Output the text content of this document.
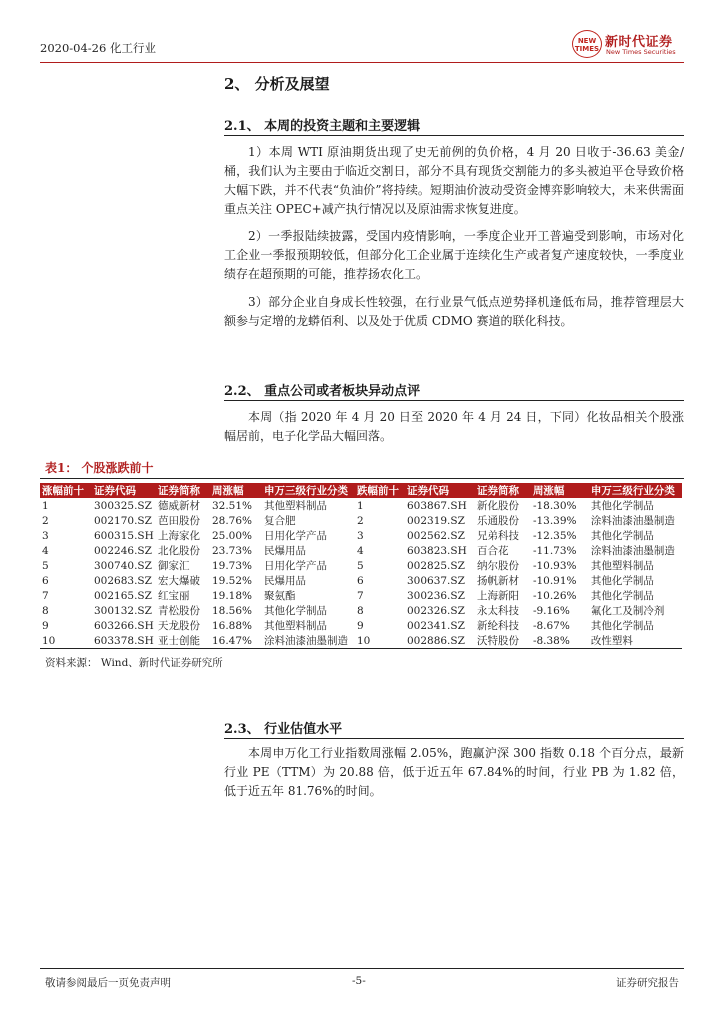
2020-04-26 化工行业	NEW TIMES 新时代证券
New Times Securities
2、 分析及展望
2.1、 本周的投资主题和主要逻辑
1）本周 WTI 原油期货出现了史无前例的负价格，4 月 20 日收于-36.63 美金/桶，我们认为主要由于临近交割日，部分不具有现货交割能力的多头被迫平仓导致价格大幅下跌，并不代表“负油价”将持续。短期油价波动受资金博弈影响较大，未来供需面重点关注 OPEC+减产执行情况以及原油需求恢复进度。
2）一季报陆续披露，受国内疫情影响，一季度企业开工普遍受到影响，市场对化工企业一季报预期较低，但部分化工企业属于连续化生产或者复产速度较快，一季度业绩存在超预期的可能，推荐扬农化工。
3）部分企业自身成长性较强，在行业景气低点逆势择机逢低布局，推荐管理层大额参与定增的龙蟒佰利、以及处于优质 CDMO 赛道的联化科技。
2.2、 重点公司或者板块异动点评
本周（指 2020 年 4 月 20 日至 2020 年 4 月 24 日，下同）化妆品相关个股涨幅居前，电子化学品大幅回落。
表1： 个股涨跌前十
涨幅前十	证券代码	证券简称	周涨幅	申万三级行业分类	跌幅前十	证券代码	证券简称	周涨幅	申万三级行业分类
1	300325.SZ	德威新材	32.51%	其他塑料制品	1	603867.SH	新化股份	-18.30%	其他化学制品
2	002170.SZ	芭田股份	28.76%	复合肥	2	002319.SZ	乐通股份	-13.39%	涂料油漆油墨制造
3	600315.SH	上海家化	25.00%	日用化学产品	3	002562.SZ	兄弟科技	-12.35%	其他化学制品
4	002246.SZ	北化股份	23.73%	民爆用品	4	603823.SH	百合花	-11.73%	涂料油漆油墨制造
5	300740.SZ	御家汇	19.73%	日用化学产品	5	002825.SZ	纳尔股份	-10.93%	其他塑料制品
6	002683.SZ	宏大爆破	19.52%	民爆用品	6	300637.SZ	扬帆新材	-10.91%	其他化学制品
7	002165.SZ	红宝丽	19.18%	聚氨酯	7	300236.SZ	上海新阳	-10.26%	其他化学制品
8	300132.SZ	青松股份	18.56%	其他化学制品	8	002326.SZ	永太科技	-9.16%	氟化工及制冷剂
9	603266.SH	天龙股份	16.88%	其他塑料制品	9	002341.SZ	新纶科技	-8.67%	其他化学制品
10	603378.SH	亚士创能	16.47%	涂料油漆油墨制造	10	002886.SZ	沃特股份	-8.38%	改性塑料
资料来源： Wind、新时代证券研究所
2.3、 行业估值水平
本周申万化工行业指数周涨幅 2.05%，跑赢沪深 300 指数 0.18 个百分点，最新行业 PE（TTM）为 20.88 倍，低于近五年 67.84%的时间，行业 PB 为 1.82 倍，低于近五年 81.76%的时间。
敬请参阅最后一页免责声明	-5-	证券研究报告
